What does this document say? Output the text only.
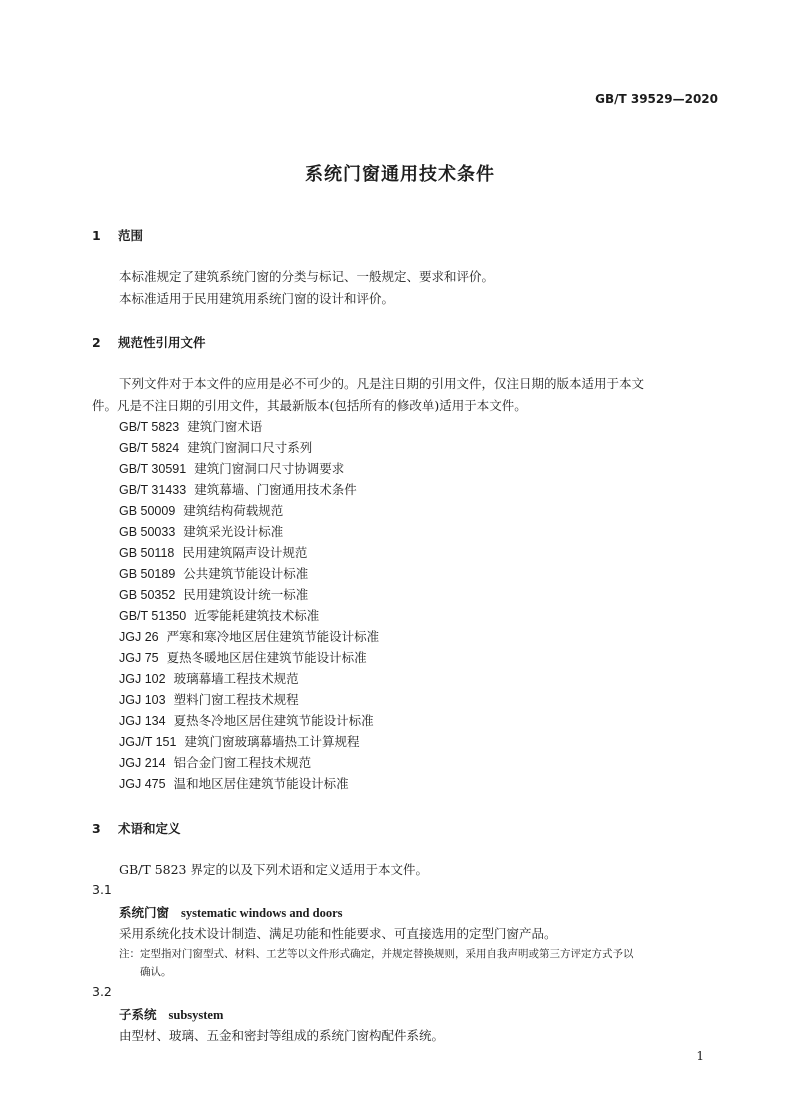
GB/T 39529—2020
系统门窗通用技术条件
1 范围
本标准规定了建筑系统门窗的分类与标记、一般规定、要求和评价。
本标准适用于民用建筑用系统门窗的设计和评价。
2 规范性引用文件
下列文件对于本文件的应用是必不可少的。凡是注日期的引用文件，仅注日期的版本适用于本文
件。凡是不注日期的引用文件，其最新版本(包括所有的修改单)适用于本文件。
GB/T 5823 建筑门窗术语
GB/T 5824 建筑门窗洞口尺寸系列
GB/T 30591 建筑门窗洞口尺寸协调要求
GB/T 31433 建筑幕墙、门窗通用技术条件
GB 50009 建筑结构荷载规范
GB 50033 建筑采光设计标准
GB 50118 民用建筑隔声设计规范
GB 50189 公共建筑节能设计标准
GB 50352 民用建筑设计统一标准
GB/T 51350 近零能耗建筑技术标准
JGJ 26 严寒和寒冷地区居住建筑节能设计标准
JGJ 75 夏热冬暖地区居住建筑节能设计标准
JGJ 102 玻璃幕墙工程技术规范
JGJ 103 塑料门窗工程技术规程
JGJ 134 夏热冬冷地区居住建筑节能设计标准
JGJ/T 151 建筑门窗玻璃幕墙热工计算规程
JGJ 214 铝合金门窗工程技术规范
JGJ 475 温和地区居住建筑节能设计标准
3 术语和定义
GB/T 5823 界定的以及下列术语和定义适用于本文件。
3.1
系统门窗 systematic windows and doors
采用系统化技术设计制造、满足功能和性能要求、可直接选用的定型门窗产品。
注：定型指对门窗型式、材料、工艺等以文件形式确定，并规定替换规则，采用自我声明或第三方评定方式予以
确认。
3.2
子系统 subsystem
由型材、玻璃、五金和密封等组成的系统门窗构配件系统。
1
